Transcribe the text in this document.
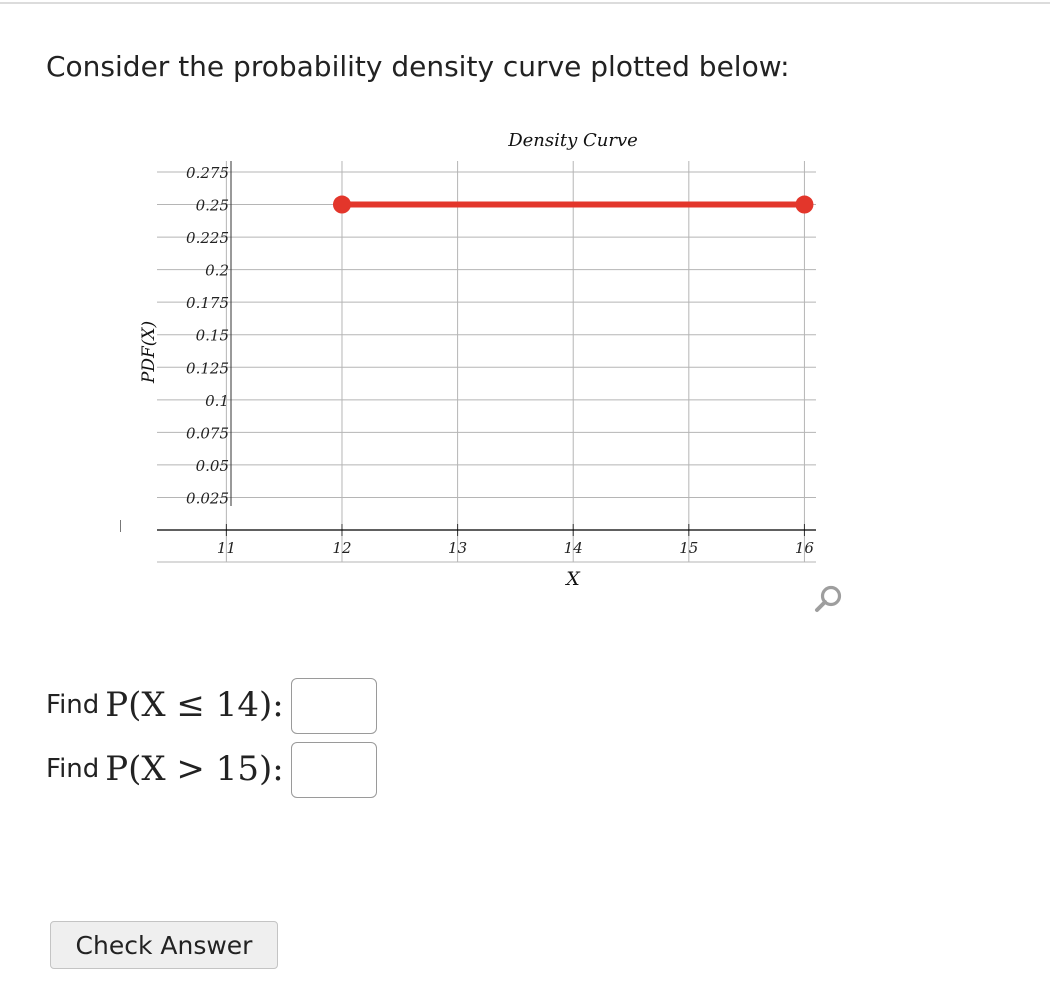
Consider the probability density curve plotted below:
0.025
0.05
0.075
0.1
0.125
0.15
0.175
0.2
0.225
0.25
0.275
11	12	13	14	15	16
Density Curve
X
PDF(X)
Find P(X ≤ 14):
Find P(X > 15):
Check Answer
